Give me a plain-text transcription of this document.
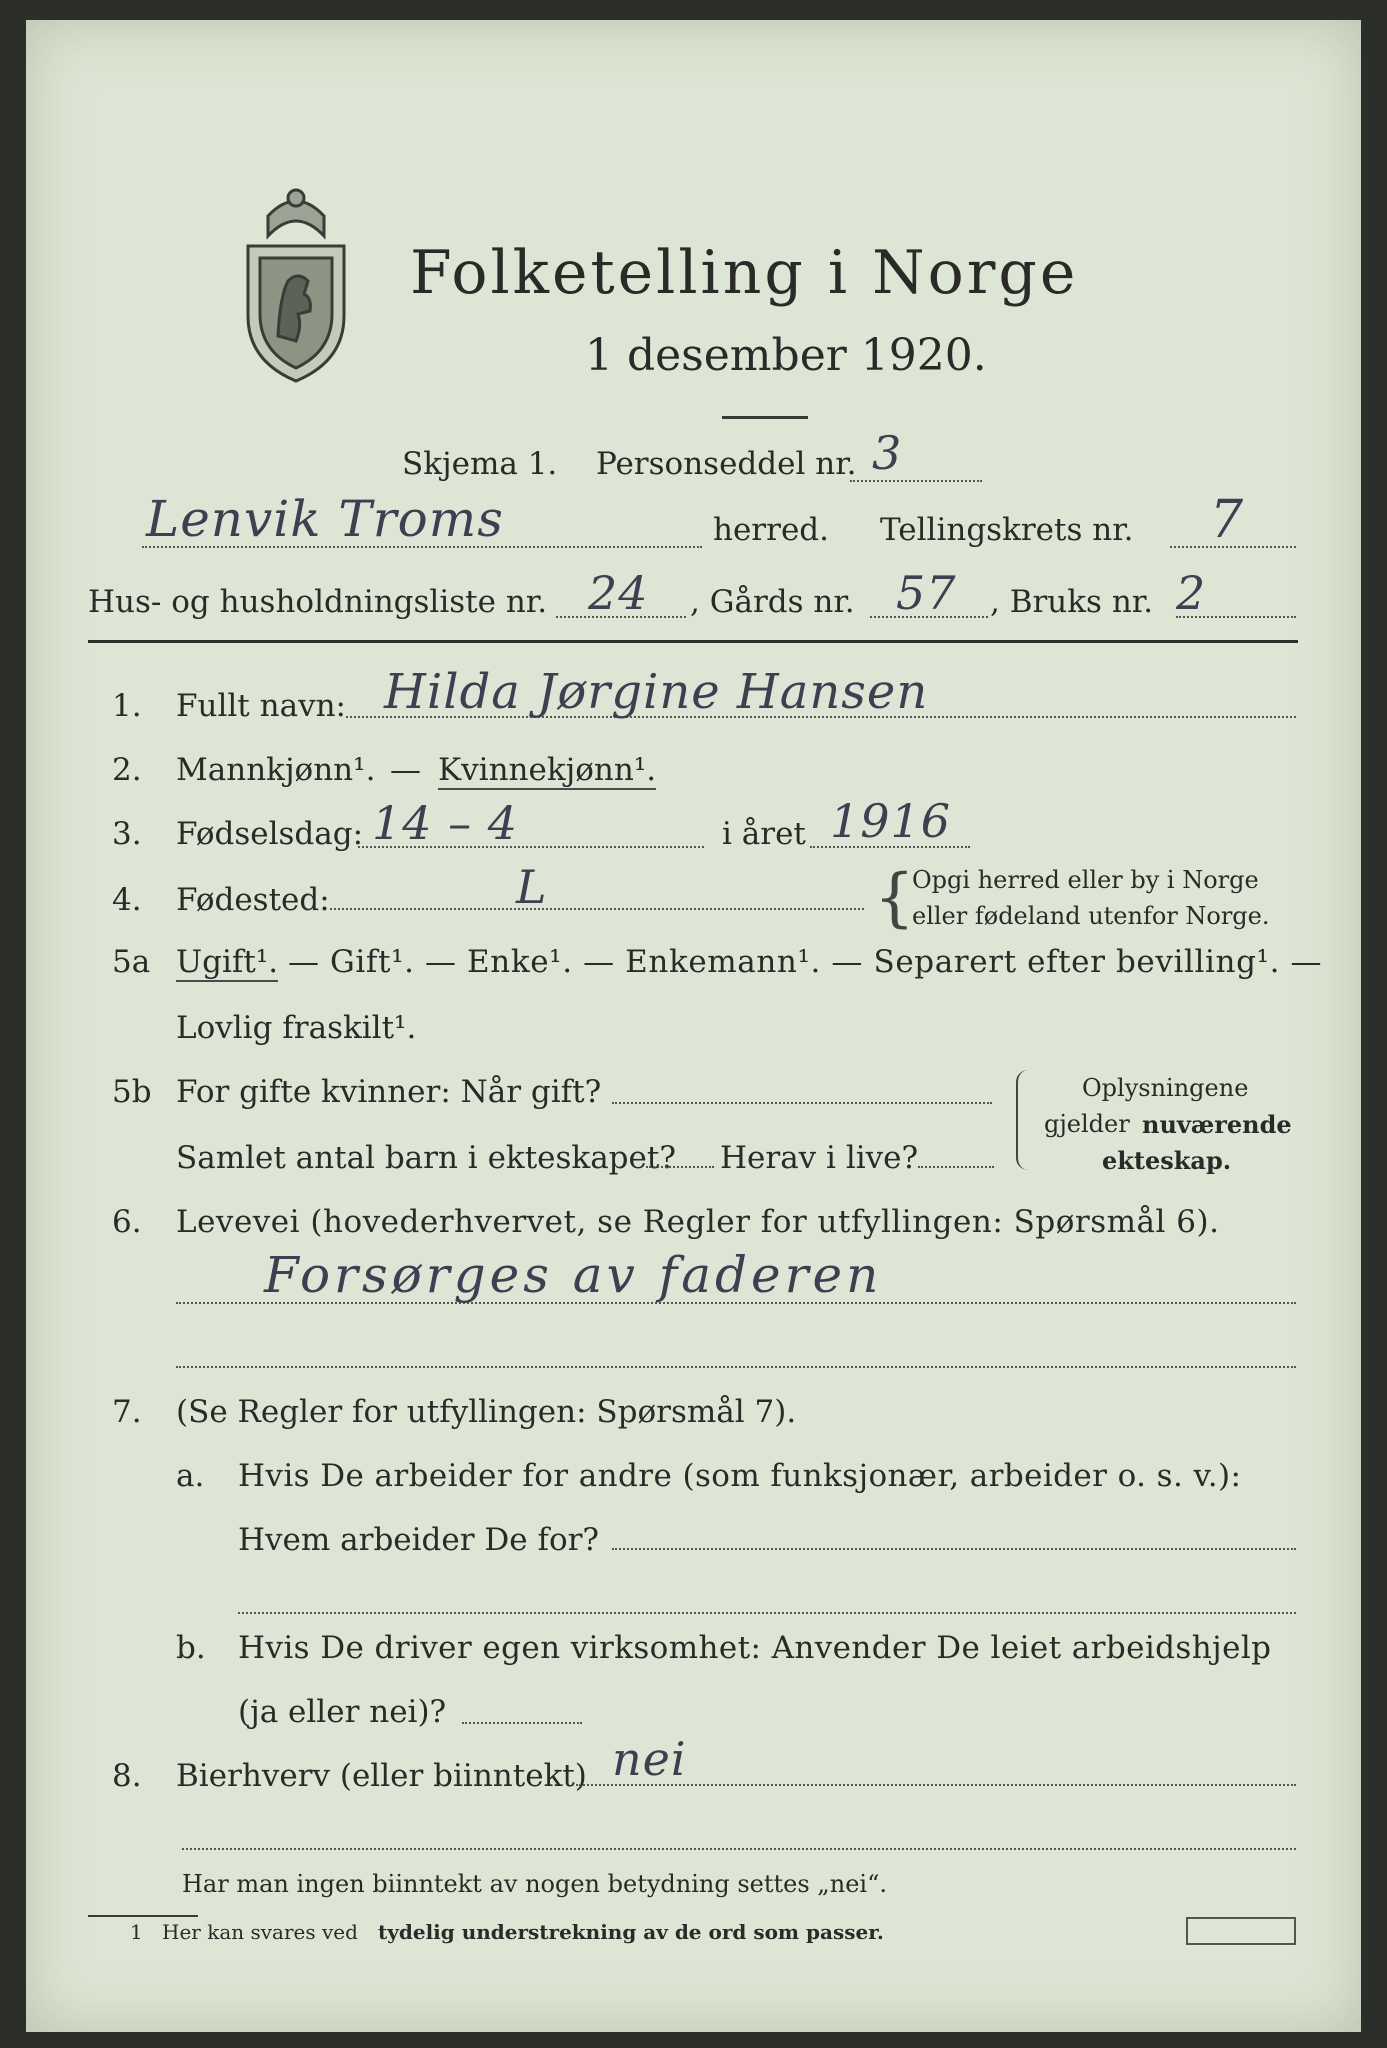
Folketelling i Norge
1 desember 1920.
Skjema 1. Personseddel nr. 3
Lenvik Troms	herred. Tellingskrets nr. 7
Hus- og husholdningsliste nr. 24 , Gårds nr. 57 , Bruks nr. 2
1. Fullt navn: Hilda Jørgine Hansen
2. Mannkjønn¹. — Kvinnekjønn¹.
3. Fødselsdag: 14 – 4	i året 1916
4. Fødested:	L	{
Opgi herred eller by i Norge
eller fødeland utenfor Norge.
5a Ugift¹. — Gift¹. — Enke¹. — Enkemann¹. — Separert efter bevilling¹. —
Lovlig fraskilt¹.
5b For gifte kvinner: Når gift?
Samlet antal barn i ekteskapet? Herav i live?
Oplysningene
gjelder nuværende
ekteskap.
6. Levevei (hovederhvervet, se Regler for utfyllingen: Spørsmål 6).
Forsørges av faderen
7. (Se Regler for utfyllingen: Spørsmål 7).
a. Hvis De arbeider for andre (som funksjonær, arbeider o. s. v.):
Hvem arbeider De for?
b. Hvis De driver egen virksomhet: Anvender De leiet arbeidshjelp
(ja eller nei)?
8. Bierhverv (eller biinntekt) nei
Har man ingen biinntekt av nogen betydning settes „nei“.
1 Her kan svares ved tydelig understrekning av de ord som passer.
